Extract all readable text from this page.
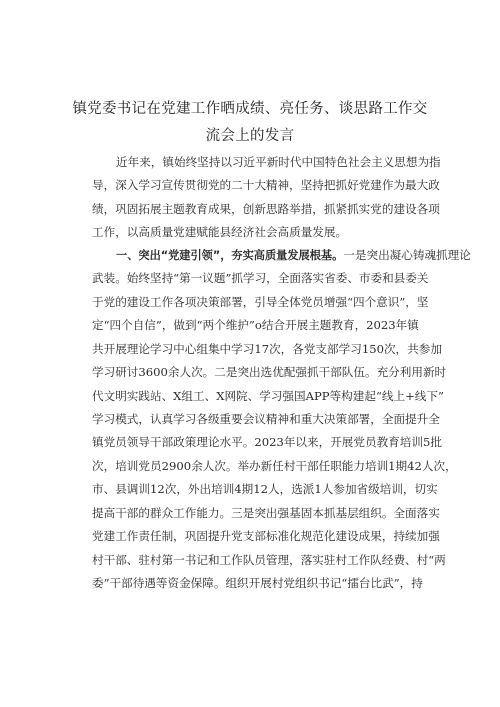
镇党委书记在党建工作晒成绩、亮任务、谈思路工作交
流会上的发言

近年来，镇始终坚持以习近平新时代中国特色社会主义思想为指

导，深入学习宣传贯彻党的二十大精神，坚持把抓好党建作为最大政

绩，巩固拓展主题教育成果，创新思路举措，抓紧抓实党的建设各项

工作，以高质量党建赋能县经济社会高质量发展。

一、突出“党建引领”，夯实高质量发展根基。一是突出凝心铸魂抓理论

武装。始终坚持“第一议题”抓学习，全面落实省委、市委和县委关

于党的建设工作各项决策部署，引导全体党员增强“四个意识”，坚

定“四个自信”，做到“两个维护”o结合开展主题教育，2023年镇

共开展理论学习中心组集中学习17次，各党支部学习150次，共参加

学习研讨3600余人次。二是突出选优配强抓干部队伍。充分利用新时

代文明实践站、X组工、X网院、学习强国APP等构建起“线上+线下”

学习模式，认真学习各级重要会议精神和重大决策部署，全面提升全

镇党员领导干部政策理论水平。2023年以来，开展党员教育培训5批

次，培训党员2900余人次。举办新任村干部任职能力培训1期42人次，

市、县调训12次，外出培训4期12人，选派1人参加省级培训，切实

提高干部的群众工作能力。三是突出强基固本抓基层组织。全面落实

党建工作责任制，巩固提升党支部标准化规范化建设成果，持续加强

村干部、驻村第一书记和工作队员管理，落实驻村工作队经费、村“两

委”干部待遇等资金保障。组织开展村党组织书记“擂台比武”，持
